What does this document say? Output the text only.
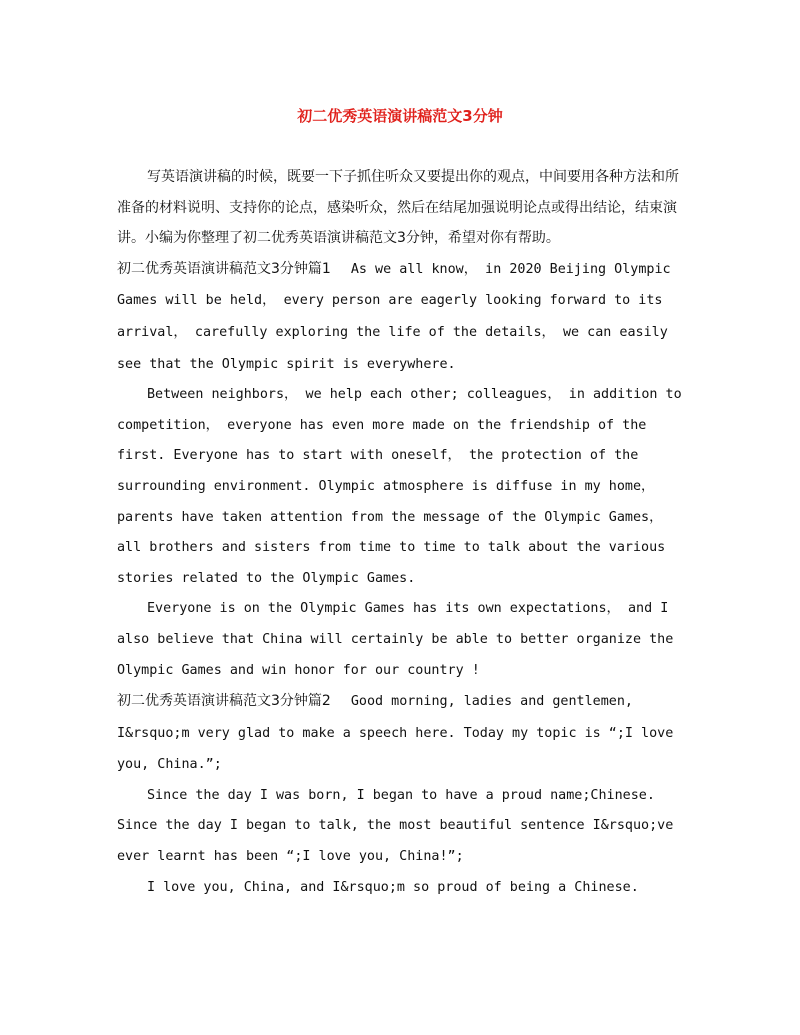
初二优秀英语演讲稿范文3分钟

写英语演讲稿的时候，既要一下子抓住听众又要提出你的观点，中间要用各种方法和所准备的材料说明、支持你的论点，感染听众，然后在结尾加强说明论点或得出结论，结束演讲。小编为你整理了初二优秀英语演讲稿范文3分钟，希望对你有帮助。

初二优秀英语演讲稿范文3分钟篇1 As we all know， in 2020 Beijing Olympic Games will be held， every person are eagerly looking forward to its arrival， carefully exploring the life of the details， we can easily see that the Olympic spirit is everywhere.

Between neighbors， we help each other; colleagues， in addition to competition， everyone has even more made on the friendship of the first. Everyone has to start with oneself， the protection of the surrounding environment. Olympic atmosphere is diffuse in my home， parents have taken attention from the message of the Olympic Games， all brothers and sisters from time to time to talk about the various stories related to the Olympic Games.

Everyone is on the Olympic Games has its own expectations， and I also believe that China will certainly be able to better organize the Olympic Games and win honor for our country !

初二优秀英语演讲稿范文3分钟篇2 Good morning, ladies and gentlemen, I&rsquo;m very glad to make a speech here. Today my topic is “;I love you, China.”;

Since the day I was born, I began to have a proud name;Chinese. Since the day I began to talk, the most beautiful sentence I&rsquo;ve ever learnt has been “;I love you, China!”;

I love you, China, and I&rsquo;m so proud of being a Chinese.
